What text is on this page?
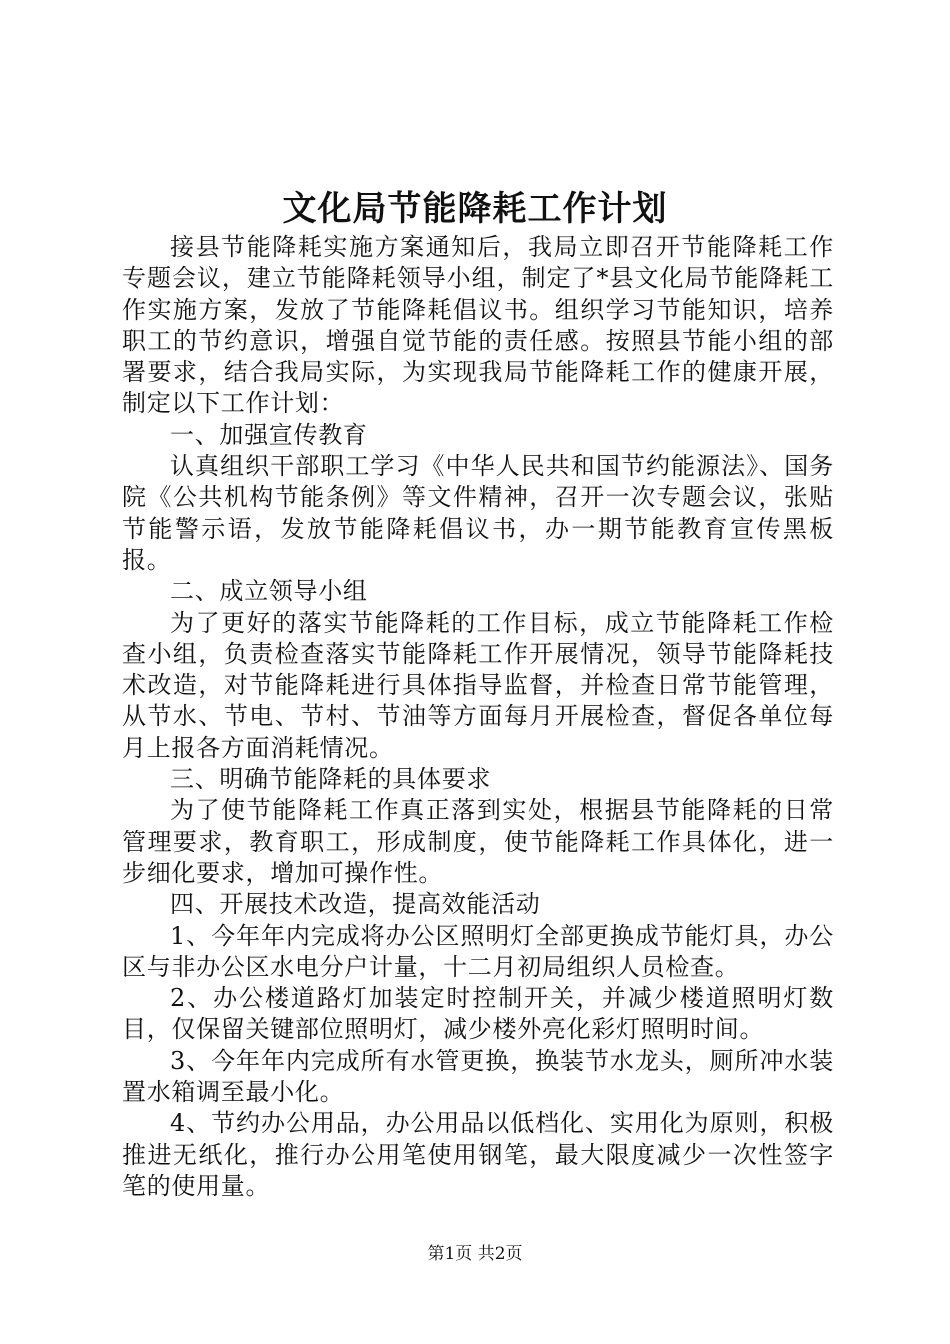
文化局节能降耗工作计划

接县节能降耗实施方案通知后，我局立即召开节能降耗工作专题会议，建立节能降耗领导小组，制定了*县文化局节能降耗工作实施方案，发放了节能降耗倡议书。组织学习节能知识，培养职工的节约意识，增强自觉节能的责任感。按照县节能小组的部署要求，结合我局实际，为实现我局节能降耗工作的健康开展，制定以下工作计划：

一、加强宣传教育

认真组织干部职工学习《中华人民共和国节约能源法》、国务院《公共机构节能条例》等文件精神，召开一次专题会议，张贴节能警示语，发放节能降耗倡议书，办一期节能教育宣传黑板报。

二、成立领导小组

为了更好的落实节能降耗的工作目标，成立节能降耗工作检查小组，负责检查落实节能降耗工作开展情况，领导节能降耗技术改造，对节能降耗进行具体指导监督，并检查日常节能管理，从节水、节电、节村、节油等方面每月开展检查，督促各单位每月上报各方面消耗情况。

三、明确节能降耗的具体要求

为了使节能降耗工作真正落到实处，根据县节能降耗的日常管理要求，教育职工，形成制度，使节能降耗工作具体化，进一步细化要求，增加可操作性。

四、开展技术改造，提高效能活动

1、今年年内完成将办公区照明灯全部更换成节能灯具，办公区与非办公区水电分户计量，十二月初局组织人员检查。

2、办公楼道路灯加装定时控制开关，并减少楼道照明灯数目，仅保留关键部位照明灯，减少楼外亮化彩灯照明时间。

3、今年年内完成所有水管更换，换装节水龙头，厕所冲水装置水箱调至最小化。

4、节约办公用品，办公用品以低档化、实用化为原则，积极推进无纸化，推行办公用笔使用钢笔，最大限度减少一次性签字笔的使用量。

第1页 共2页
